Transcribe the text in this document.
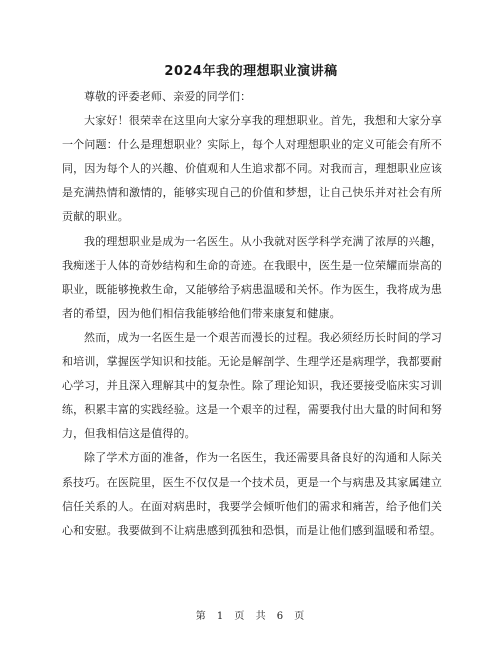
2024年我的理想职业演讲稿

尊敬的评委老师、亲爱的同学们：

大家好！很荣幸在这里向大家分享我的理想职业。首先，我想和大家分享一个问题：什么是理想职业？实际上，每个人对理想职业的定义可能会有所不同，因为每个人的兴趣、价值观和人生追求都不同。对我而言，理想职业应该是充满热情和激情的，能够实现自己的价值和梦想，让自己快乐并对社会有所贡献的职业。

我的理想职业是成为一名医生。从小我就对医学科学充满了浓厚的兴趣，我痴迷于人体的奇妙结构和生命的奇迹。在我眼中，医生是一位荣耀而崇高的职业，既能够挽救生命，又能够给予病患温暖和关怀。作为医生，我将成为患者的希望，因为他们相信我能够给他们带来康复和健康。

然而，成为一名医生是一个艰苦而漫长的过程。我必须经历长时间的学习和培训，掌握医学知识和技能。无论是解剖学、生理学还是病理学，我都要耐心学习，并且深入理解其中的复杂性。除了理论知识，我还要接受临床实习训练，积累丰富的实践经验。这是一个艰辛的过程，需要我付出大量的时间和努力，但我相信这是值得的。

除了学术方面的准备，作为一名医生，我还需要具备良好的沟通和人际关系技巧。在医院里，医生不仅仅是一个技术员，更是一个与病患及其家属建立信任关系的人。在面对病患时，我要学会倾听他们的需求和痛苦，给予他们关心和安慰。我要做到不让病患感到孤独和恐惧，而是让他们感到温暖和希望。

第 1 页 共 6 页
